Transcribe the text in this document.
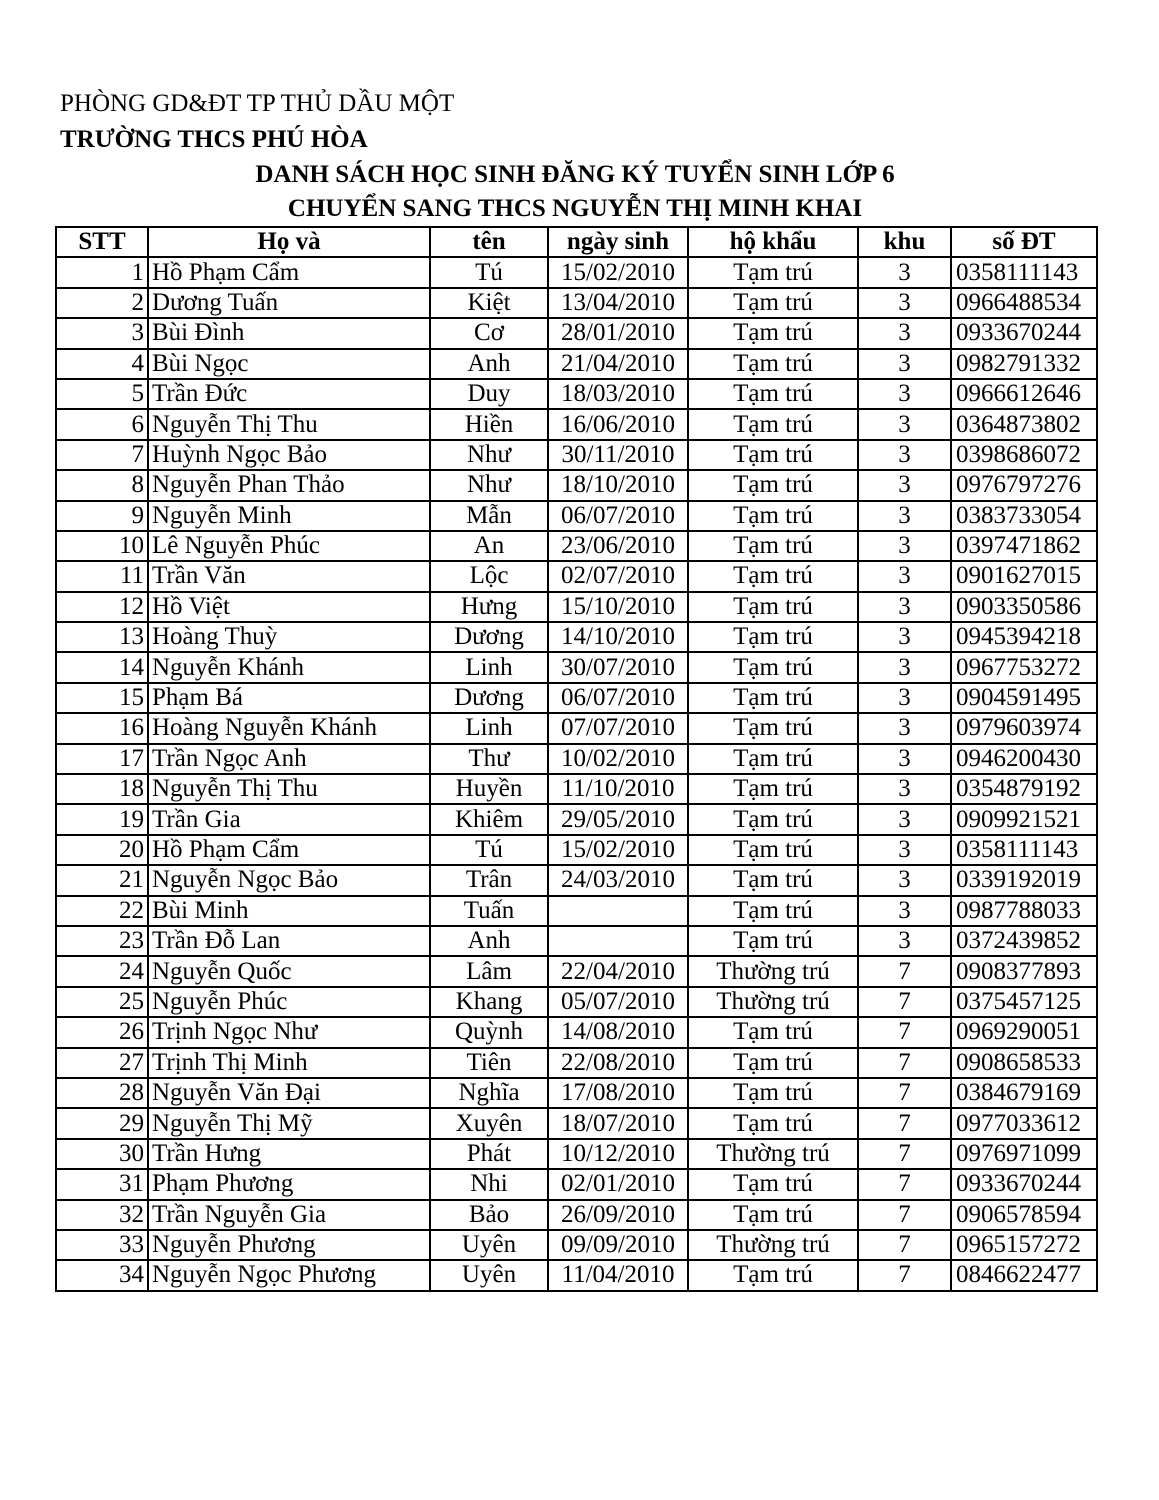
PHÒNG GD&ĐT TP THỦ DẦU MỘT
TRƯỜNG THCS PHÚ HÒA
DANH SÁCH HỌC SINH ĐĂNG KÝ TUYỂN SINH LỚP 6
CHUYỂN SANG THCS NGUYỄN THỊ MINH KHAI
STT	Họ và	tên	ngày sinh	hộ khẩu	khu	số ĐT
1	Hồ Phạm Cẩm	Tú	15/02/2010	Tạm trú	3	0358111143
2	Dương Tuấn	Kiệt	13/04/2010	Tạm trú	3	0966488534
3	Bùi Đình	Cơ	28/01/2010	Tạm trú	3	0933670244
4	Bùi Ngọc	Anh	21/04/2010	Tạm trú	3	0982791332
5	Trần Đức	Duy	18/03/2010	Tạm trú	3	0966612646
6	Nguyễn Thị Thu	Hiền	16/06/2010	Tạm trú	3	0364873802
7	Huỳnh Ngọc Bảo	Như	30/11/2010	Tạm trú	3	0398686072
8	Nguyễn Phan Thảo	Như	18/10/2010	Tạm trú	3	0976797276
9	Nguyễn Minh	Mẫn	06/07/2010	Tạm trú	3	0383733054
10	Lê Nguyễn Phúc	An	23/06/2010	Tạm trú	3	0397471862
11	Trần Văn	Lộc	02/07/2010	Tạm trú	3	0901627015
12	Hồ Việt	Hưng	15/10/2010	Tạm trú	3	0903350586
13	Hoàng Thuỳ	Dương	14/10/2010	Tạm trú	3	0945394218
14	Nguyễn Khánh	Linh	30/07/2010	Tạm trú	3	0967753272
15	Phạm Bá	Dương	06/07/2010	Tạm trú	3	0904591495
16	Hoàng Nguyễn Khánh	Linh	07/07/2010	Tạm trú	3	0979603974
17	Trần Ngọc Anh	Thư	10/02/2010	Tạm trú	3	0946200430
18	Nguyễn Thị Thu	Huyền	11/10/2010	Tạm trú	3	0354879192
19	Trần Gia	Khiêm	29/05/2010	Tạm trú	3	0909921521
20	Hồ Phạm Cẩm	Tú	15/02/2010	Tạm trú	3	0358111143
21	Nguyễn Ngọc Bảo	Trân	24/03/2010	Tạm trú	3	0339192019
22	Bùi Minh	Tuấn		Tạm trú	3	0987788033
23	Trần Đỗ Lan	Anh		Tạm trú	3	0372439852
24	Nguyễn Quốc	Lâm	22/04/2010	Thường trú	7	0908377893
25	Nguyễn Phúc	Khang	05/07/2010	Thường trú	7	0375457125
26	Trịnh Ngọc Như	Quỳnh	14/08/2010	Tạm trú	7	0969290051
27	Trịnh Thị Minh	Tiên	22/08/2010	Tạm trú	7	0908658533
28	Nguyễn Văn Đại	Nghĩa	17/08/2010	Tạm trú	7	0384679169
29	Nguyễn Thị Mỹ	Xuyên	18/07/2010	Tạm trú	7	0977033612
30	Trần Hưng	Phát	10/12/2010	Thường trú	7	0976971099
31	Phạm Phương	Nhi	02/01/2010	Tạm trú	7	0933670244
32	Trần Nguyễn Gia	Bảo	26/09/2010	Tạm trú	7	0906578594
33	Nguyễn Phương	Uyên	09/09/2010	Thường trú	7	0965157272
34	Nguyễn Ngọc Phương	Uyên	11/04/2010	Tạm trú	7	0846622477
